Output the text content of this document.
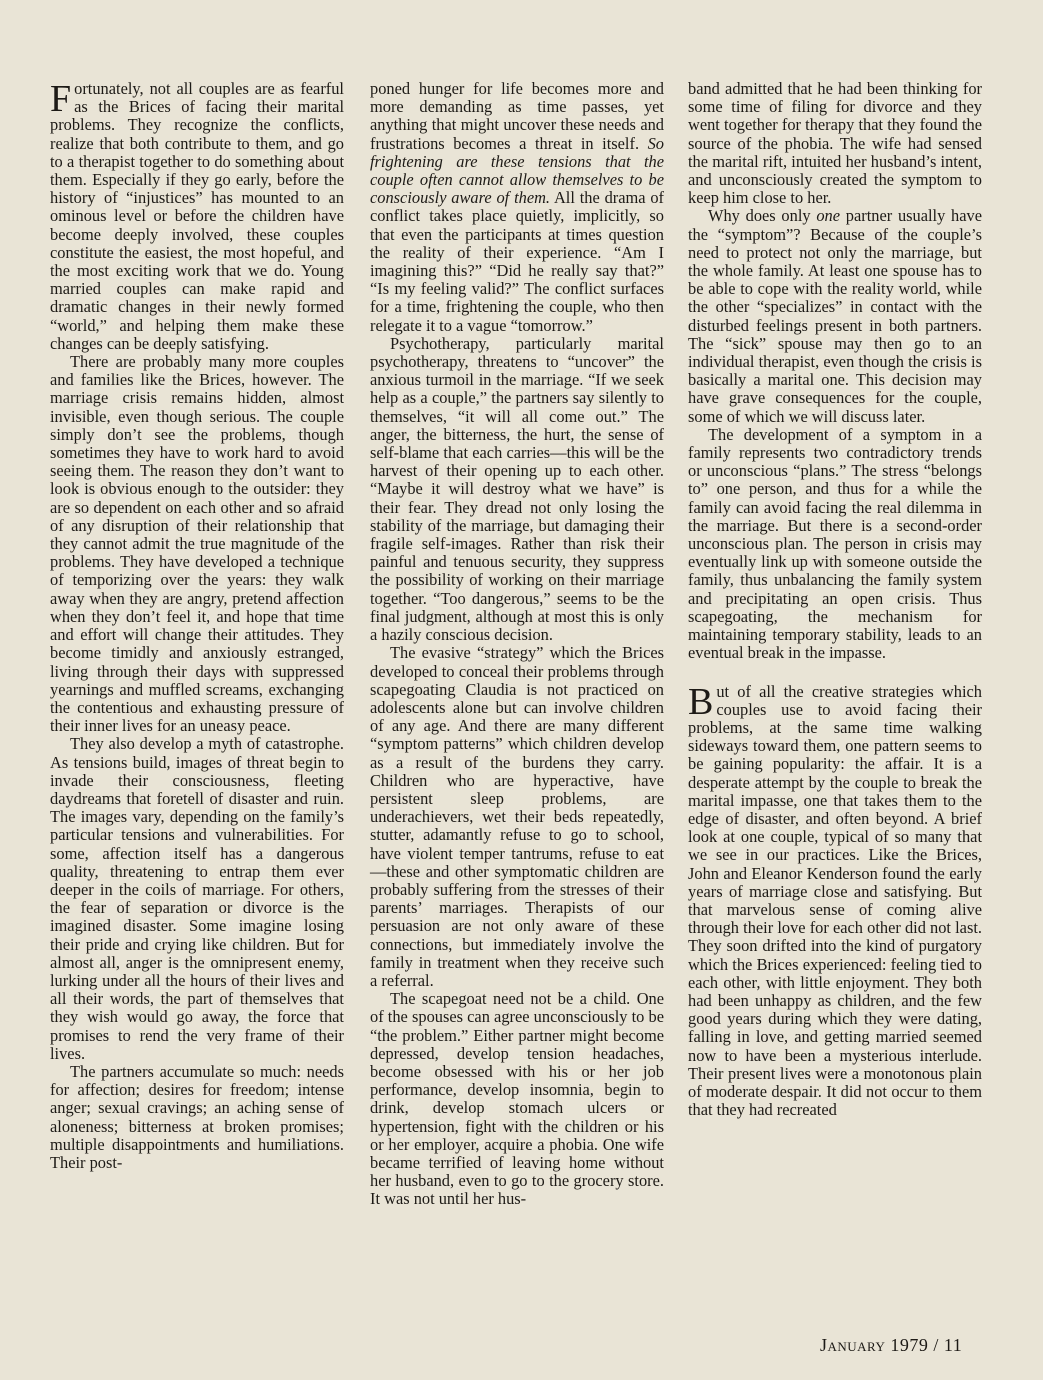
Fortunately, not all couples are as fearful as the Brices of facing their marital problems. They recognize the conflicts, realize that both contribute to them, and go to a therapist together to do something about them. Especially if they go early, before the history of “injustices” has mounted to an ominous level or before the children have become deeply involved, these couples constitute the easiest, the most hopeful, and the most exciting work that we do. Young married couples can make rapid and dramatic changes in their newly formed “world,” and helping them make these changes can be deeply satisfying.

There are probably many more couples and families like the Brices, however. The marriage crisis remains hidden, almost invisible, even though serious. The couple simply don’t see the problems, though sometimes they have to work hard to avoid seeing them. The reason they don’t want to look is obvious enough to the outsider: they are so dependent on each other and so afraid of any disruption of their relationship that they cannot admit the true magnitude of the problems. They have developed a technique of temporizing over the years: they walk away when they are angry, pretend affection when they don’t feel it, and hope that time and effort will change their attitudes. They become timidly and anxiously estranged, living through their days with suppressed yearnings and muffled screams, exchanging the contentious and exhausting pressure of their inner lives for an uneasy peace.

They also develop a myth of catastrophe. As tensions build, images of threat begin to invade their consciousness, fleeting daydreams that foretell of disaster and ruin. The images vary, depending on the family’s particular tensions and vulnerabilities. For some, affection itself has a dangerous quality, threatening to entrap them ever deeper in the coils of marriage. For others, the fear of separation or divorce is the imagined disaster. Some imagine losing their pride and crying like children. But for almost all, anger is the omnipresent enemy, lurking under all the hours of their lives and all their words, the part of themselves that they wish would go away, the force that promises to rend the very frame of their lives.

The partners accumulate so much: needs for affection; desires for freedom; intense anger; sexual cravings; an aching sense of aloneness; bitterness at broken promises; multiple disappointments and humiliations. Their post-

poned hunger for life becomes more and more demanding as time passes, yet anything that might uncover these needs and frustrations becomes a threat in itself. So frightening are these tensions that the couple often cannot allow themselves to be consciously aware of them. All the drama of conflict takes place quietly, implicitly, so that even the participants at times question the reality of their experience. “Am I imagining this?” “Did he really say that?” “Is my feeling valid?” The conflict surfaces for a time, frightening the couple, who then relegate it to a vague “tomorrow.”

Psychotherapy, particularly marital psychotherapy, threatens to “uncover” the anxious turmoil in the marriage. “If we seek help as a couple,” the partners say silently to themselves, “it will all come out.” The anger, the bitterness, the hurt, the sense of self-blame that each carries—this will be the harvest of their opening up to each other. “Maybe it will destroy what we have” is their fear. They dread not only losing the stability of the marriage, but damaging their fragile self-images. Rather than risk their painful and tenuous security, they suppress the possibility of working on their marriage together. “Too dangerous,” seems to be the final judgment, although at most this is only a hazily conscious decision.

The evasive “strategy” which the Brices developed to conceal their problems through scapegoating Claudia is not practiced on adolescents alone but can involve children of any age. And there are many different “symptom patterns” which children develop as a result of the burdens they carry. Children who are hyperactive, have persistent sleep problems, are underachievers, wet their beds repeatedly, stutter, adamantly refuse to go to school, have violent temper tantrums, refuse to eat —these and other symptomatic children are probably suffering from the stresses of their parents’ marriages. Therapists of our persuasion are not only aware of these connections, but immediately involve the family in treatment when they receive such a referral.

The scapegoat need not be a child. One of the spouses can agree unconsciously to be “the problem.” Either partner might become depressed, develop tension headaches, become obsessed with his or her job performance, develop insomnia, begin to drink, develop stomach ulcers or hypertension, fight with the children or his or her employer, acquire a phobia. One wife became terrified of leaving home without her husband, even to go to the grocery store. It was not until her hus-

band admitted that he had been thinking for some time of filing for divorce and they went together for therapy that they found the source of the phobia. The wife had sensed the marital rift, intuited her husband’s intent, and unconsciously created the symptom to keep him close to her.

Why does only one partner usually have the “symptom”? Because of the couple’s need to protect not only the marriage, but the whole family. At least one spouse has to be able to cope with the reality world, while the other “specializes” in contact with the disturbed feelings present in both partners. The “sick” spouse may then go to an individual therapist, even though the crisis is basically a marital one. This decision may have grave consequences for the couple, some of which we will discuss later.

The development of a symptom in a family represents two contradictory trends or unconscious “plans.” The stress “belongs to” one person, and thus for a while the family can avoid facing the real dilemma in the marriage. But there is a second-order unconscious plan. The person in crisis may eventually link up with someone outside the family, thus unbalancing the family system and precipitating an open crisis. Thus scapegoating, the mechanism for maintaining temporary stability, leads to an eventual break in the impasse.

But of all the creative strategies which couples use to avoid facing their problems, at the same time walking sideways toward them, one pattern seems to be gaining popularity: the affair. It is a desperate attempt by the couple to break the marital impasse, one that takes them to the edge of disaster, and often beyond. A brief look at one couple, typical of so many that we see in our practices. Like the Brices, John and Eleanor Kenderson found the early years of marriage close and satisfying. But that marvelous sense of coming alive through their love for each other did not last. They soon drifted into the kind of purgatory which the Brices experienced: feeling tied to each other, with little enjoyment. They both had been unhappy as children, and the few good years during which they were dating, falling in love, and getting married seemed now to have been a mysterious interlude. Their present lives were a monotonous plain of moderate despair. It did not occur to them that they had recreated

January 1979 / 11
